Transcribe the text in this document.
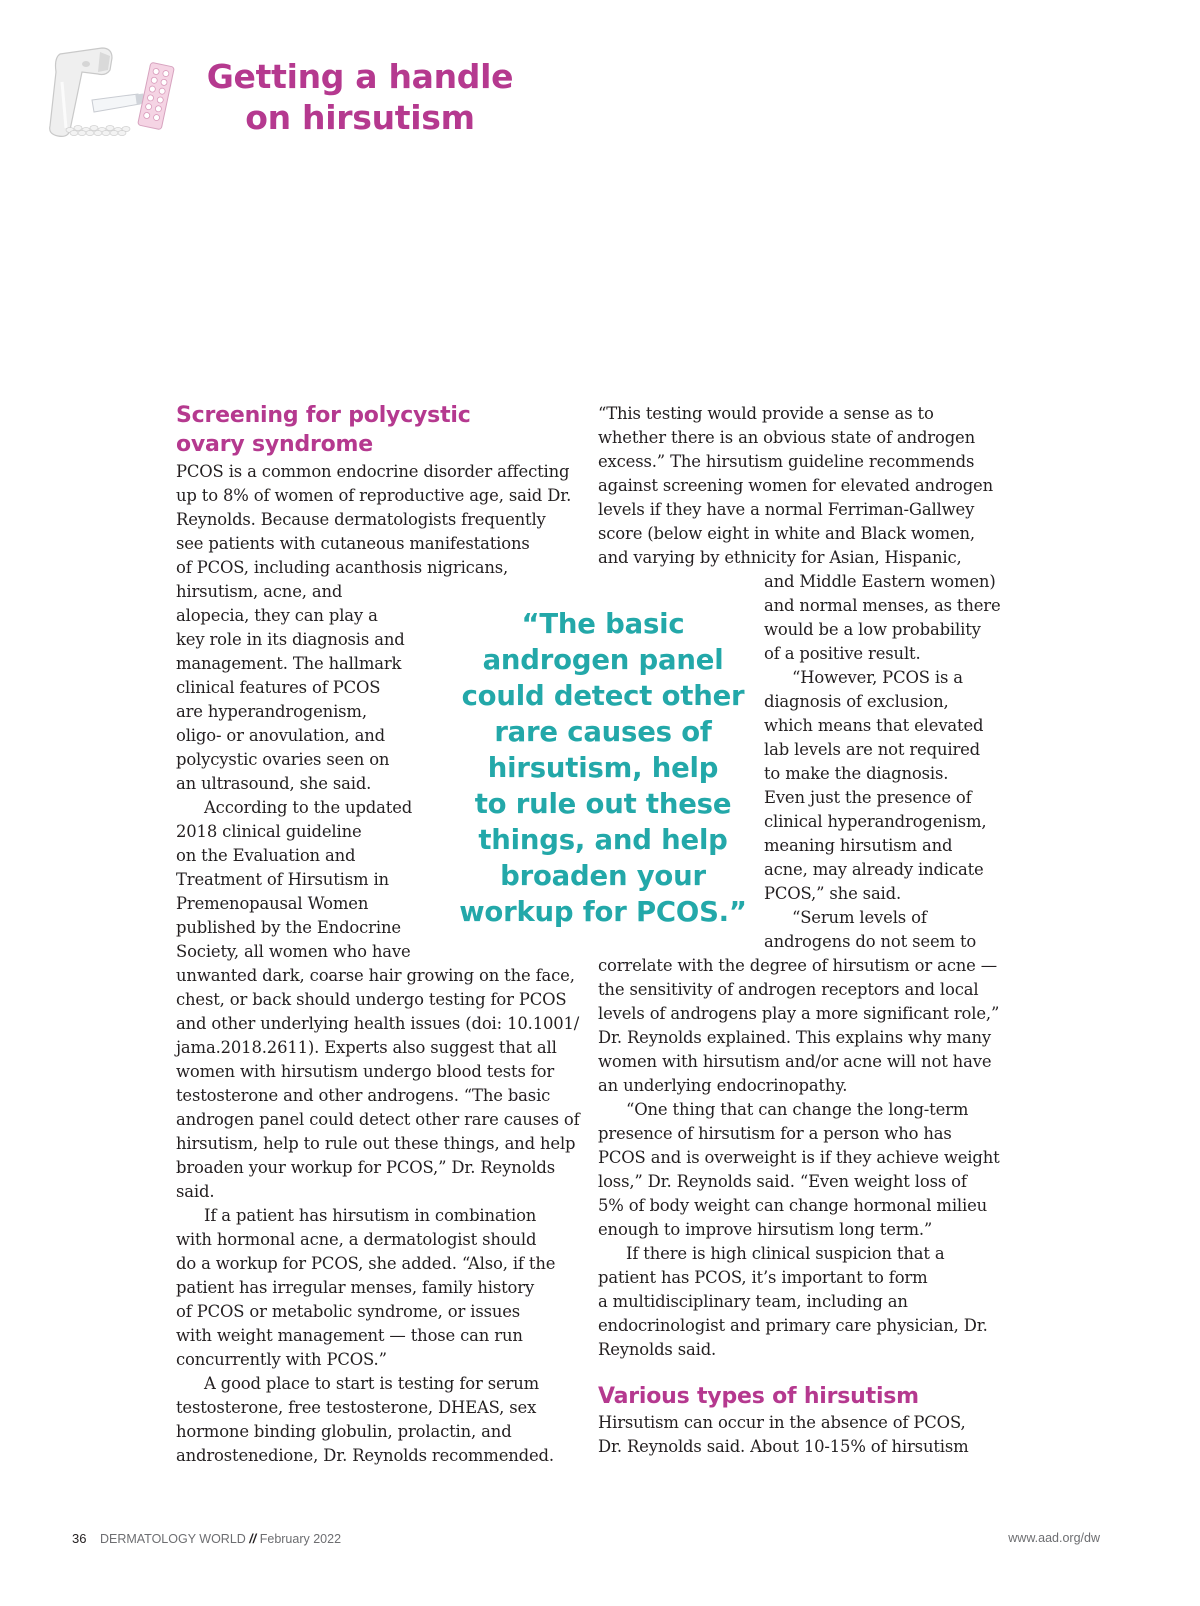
Getting a handle
on hirsutism
Screening for polycystic
ovary syndrome
PCOS is a common endocrine disorder affecting
up to 8% of women of reproductive age, said Dr.
Reynolds. Because dermatologists frequently
see patients with cutaneous manifestations
of PCOS, including acanthosis nigricans,
hirsutism, acne, and
alopecia, they can play a
key role in its diagnosis and
management. The hallmark
clinical features of PCOS
are hyperandrogenism,
oligo- or anovulation, and
polycystic ovaries seen on
an ultrasound, she said.
According to the updated
2018 clinical guideline
on the Evaluation and
Treatment of Hirsutism in
Premenopausal Women
published by the Endocrine
Society, all women who have
unwanted dark, coarse hair growing on the face,
chest, or back should undergo testing for PCOS
and other underlying health issues (doi: 10.1001/
jama.2018.2611). Experts also suggest that all
women with hirsutism undergo blood tests for
testosterone and other androgens. “The basic
androgen panel could detect other rare causes of
hirsutism, help to rule out these things, and help
broaden your workup for PCOS,” Dr. Reynolds
said.
If a patient has hirsutism in combination
with hormonal acne, a dermatologist should
do a workup for PCOS, she added. “Also, if the
patient has irregular menses, family history
of PCOS or metabolic syndrome, or issues
with weight management — those can run
concurrently with PCOS.”
A good place to start is testing for serum
testosterone, free testosterone, DHEAS, sex
hormone binding globulin, prolactin, and
androstenedione, Dr. Reynolds recommended.
“The basic
androgen panel
could detect other
rare causes of
hirsutism, help
to rule out these
things, and help
broaden your
workup for PCOS.”
“This testing would provide a sense as to
whether there is an obvious state of androgen
excess.” The hirsutism guideline recommends
against screening women for elevated androgen
levels if they have a normal Ferriman-Gallwey
score (below eight in white and Black women,
and varying by ethnicity for Asian, Hispanic,
and Middle Eastern women)
and normal menses, as there
would be a low probability
of a positive result.
“However, PCOS is a
diagnosis of exclusion,
which means that elevated
lab levels are not required
to make the diagnosis.
Even just the presence of
clinical hyperandrogenism,
meaning hirsutism and
acne, may already indicate
PCOS,” she said.
“Serum levels of
androgens do not seem to
correlate with the degree of hirsutism or acne —
the sensitivity of androgen receptors and local
levels of androgens play a more significant role,”
Dr. Reynolds explained. This explains why many
women with hirsutism and/or acne will not have
an underlying endocrinopathy.
“One thing that can change the long-term
presence of hirsutism for a person who has
PCOS and is overweight is if they achieve weight
loss,” Dr. Reynolds said. “Even weight loss of
5% of body weight can change hormonal milieu
enough to improve hirsutism long term.”
If there is high clinical suspicion that a
patient has PCOS, it’s important to form
a multidisciplinary team, including an
endocrinologist and primary care physician, Dr.
Reynolds said.
Various types of hirsutism
Hirsutism can occur in the absence of PCOS,
Dr. Reynolds said. About 10-15% of hirsutism
36 DERMATOLOGY WORLD // February 2022	www.aad.org/dw
